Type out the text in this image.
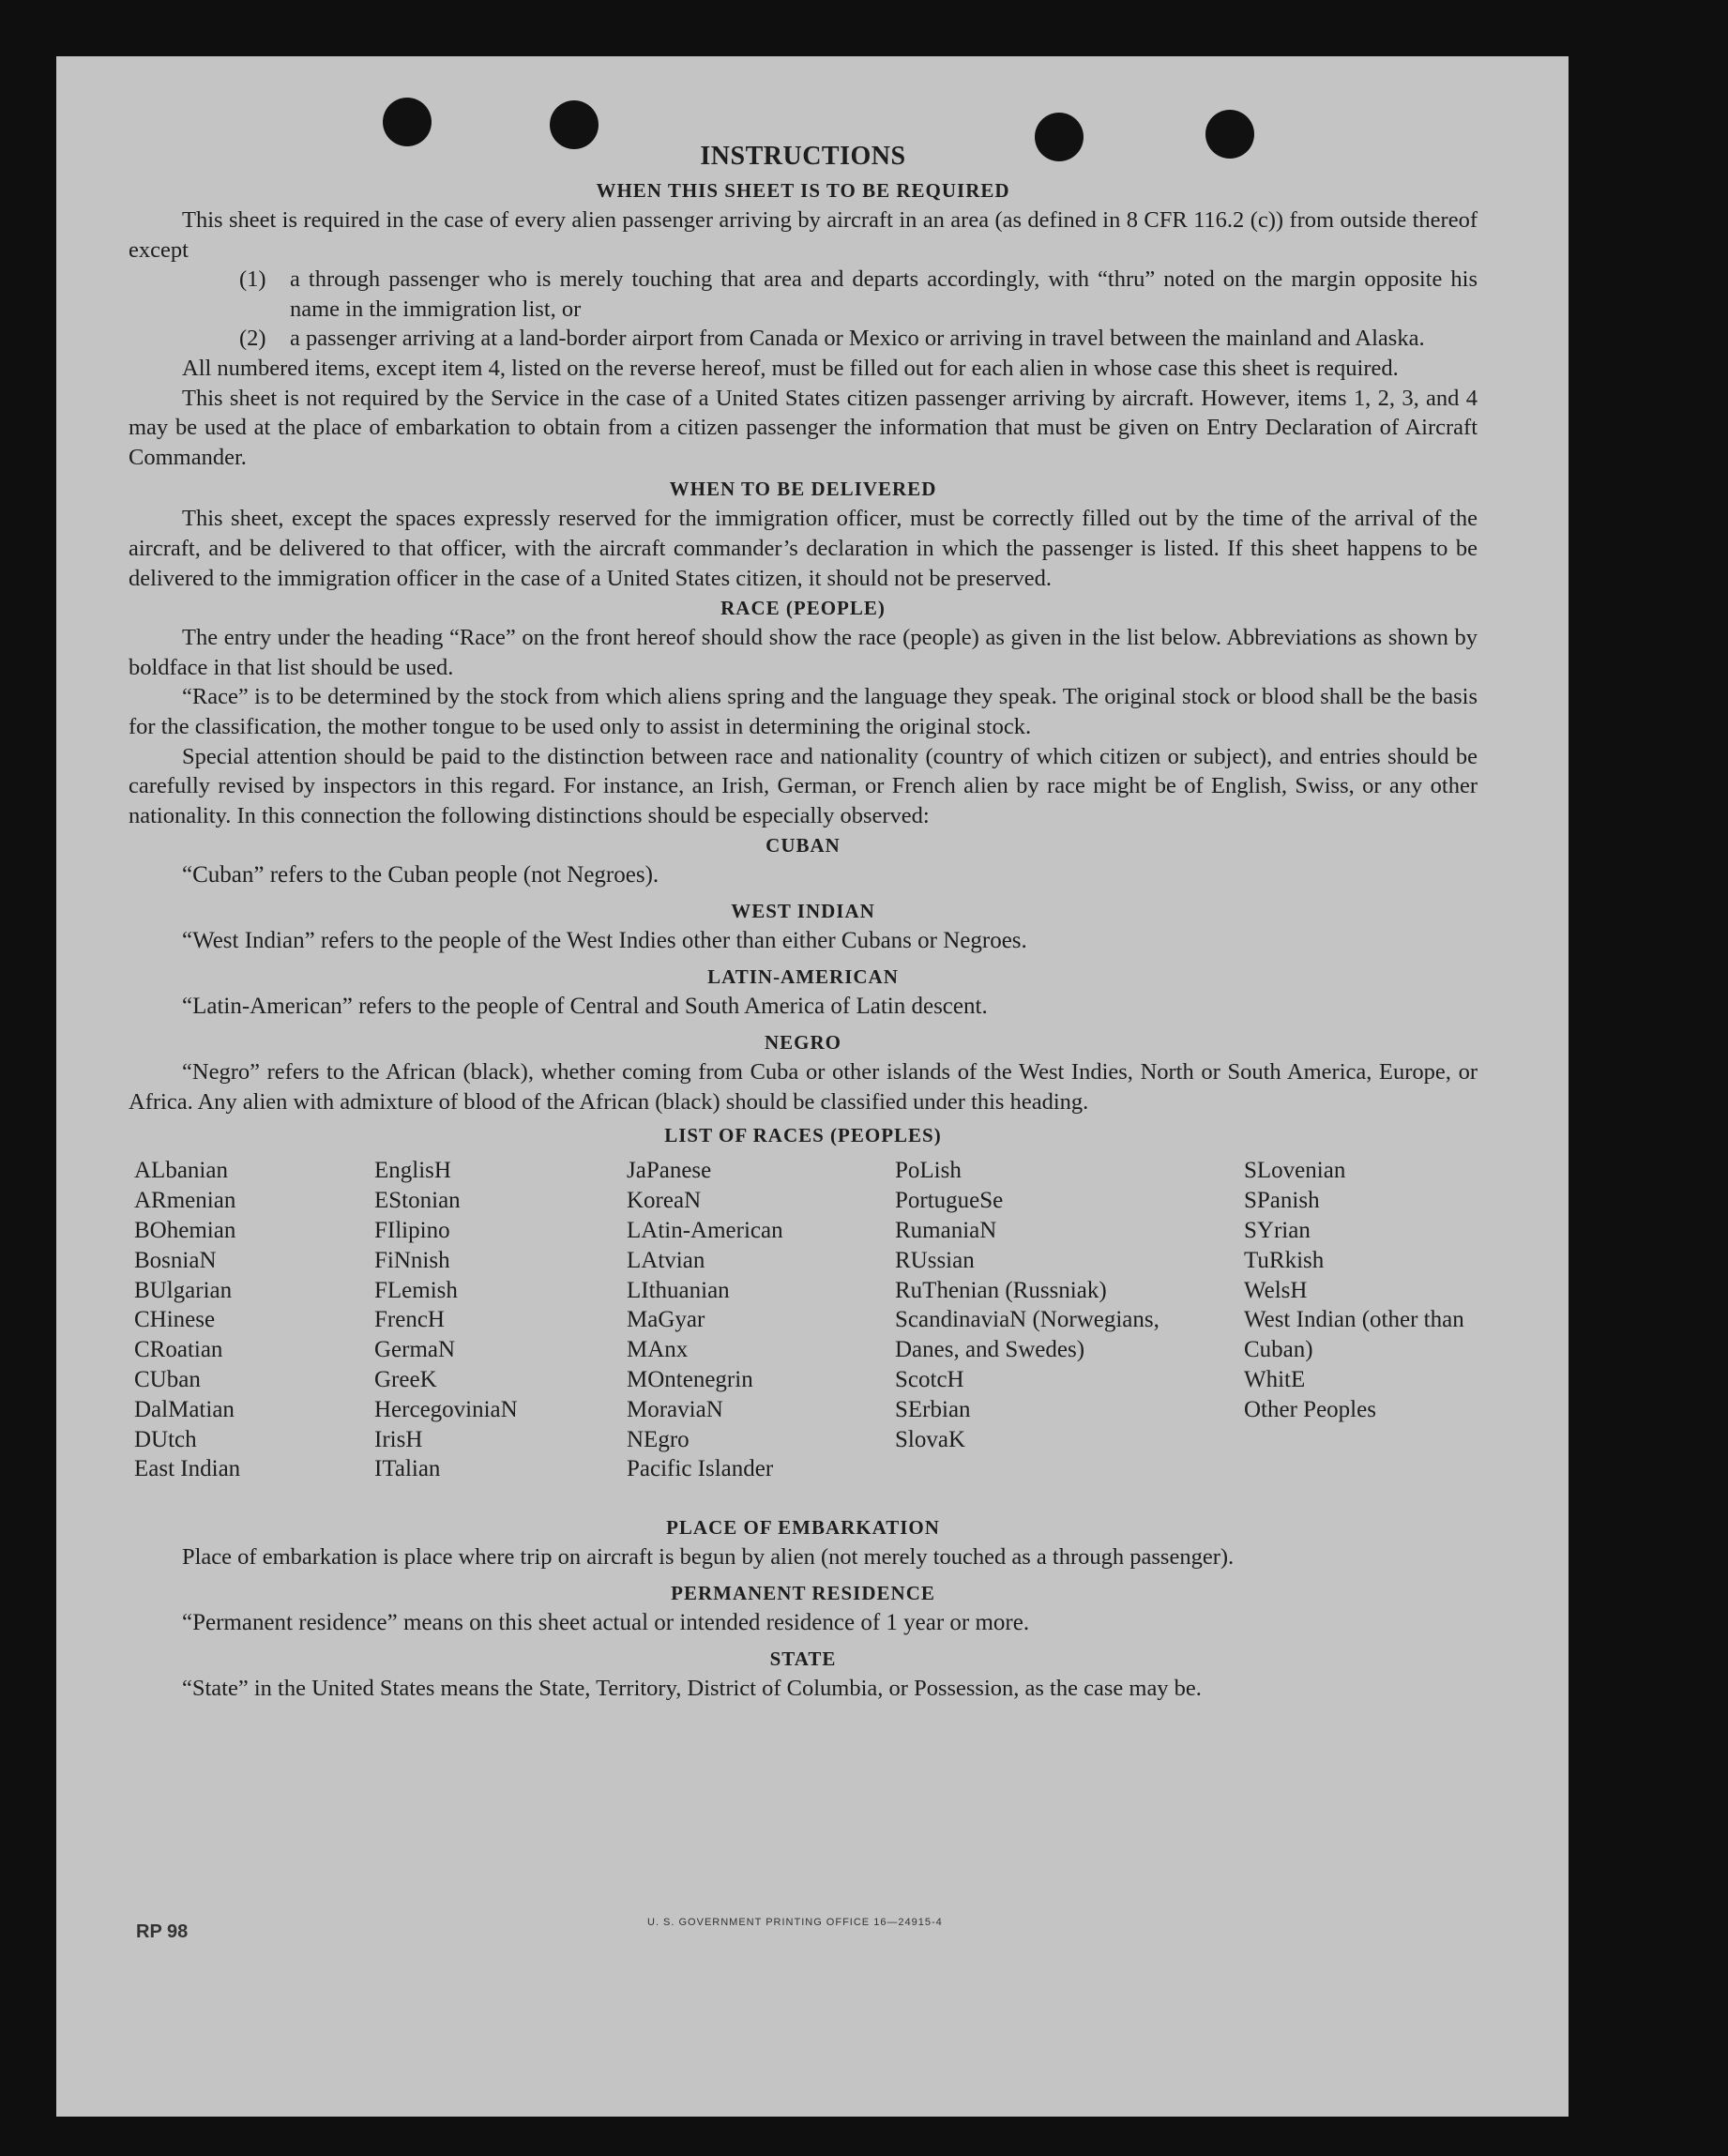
INSTRUCTIONS
WHEN THIS SHEET IS TO BE REQUIRED

This sheet is required in the case of every alien passenger arriving by aircraft in an area (as defined in 8 CFR 116.2 (c)) from outside thereof except

(1) a through passenger who is merely touching that area and departs accordingly, with “thru” noted on the margin opposite his name in the immigration list, or
(2) a passenger arriving at a land-border airport from Canada or Mexico or arriving in travel between the mainland and Alaska.

All numbered items, except item 4, listed on the reverse hereof, must be filled out for each alien in whose case this sheet is required.

This sheet is not required by the Service in the case of a United States citizen passenger arriving by aircraft. However, items 1, 2, 3, and 4 may be used at the place of embarkation to obtain from a citizen passenger the information that must be given on Entry Declaration of Aircraft Commander.

WHEN TO BE DELIVERED

This sheet, except the spaces expressly reserved for the immigration officer, must be correctly filled out by the time of the arrival of the aircraft, and be delivered to that officer, with the aircraft commander’s declaration in which the passenger is listed. If this sheet happens to be delivered to the immigration officer in the case of a United States citizen, it should not be preserved.

RACE (PEOPLE)

The entry under the heading “Race” on the front hereof should show the race (people) as given in the list below. Abbreviations as shown by boldface in that list should be used.

“Race” is to be determined by the stock from which aliens spring and the language they speak. The original stock or blood shall be the basis for the classification, the mother tongue to be used only to assist in determining the original stock.

Special attention should be paid to the distinction between race and nationality (country of which citizen or subject), and entries should be carefully revised by inspectors in this regard. For instance, an Irish, German, or French alien by race might be of English, Swiss, or any other nationality. In this connection the following distinctions should be especially observed:

CUBAN
“Cuban” refers to the Cuban people (not Negroes).
WEST INDIAN
“West Indian” refers to the people of the West Indies other than either Cubans or Negroes.
LATIN-AMERICAN
“Latin-American” refers to the people of Central and South America of Latin descent.
NEGRO

“Negro” refers to the African (black), whether coming from Cuba or other islands of the West Indies, North or South America, Europe, or Africa. Any alien with admixture of blood of the African (black) should be classified under this heading.

LIST OF RACES (PEOPLES)
ALbanian
ARmenian
BOhemian
BosniaN
BUlgarian
CHinese
CRoatian
CUban
DalMatian
DUtch
East Indian
EnglisH
EStonian
FIlipino
FiNnish
FLemish
FrencH
GermaN
GreeK
HercegoviniaN
IrisH
ITalian
JaPanese
KoreaN
LAtin-American
LAtvian
LIthuanian
MaGyar
MAnx
MOntenegrin
MoraviaN
NEgro
Pacific Islander
PoLish
PortugueSe
RumaniaN
RUssian
RuThenian (Russniak)
ScandinaviaN (Norwegians, Danes, and Swedes)
ScotcH
SErbian
SlovaK
SLovenian
SPanish
SYrian
TuRkish
WelsH
West Indian (other than Cuban)
WhitE
Other Peoples
PLACE OF EMBARKATION

Place of embarkation is place where trip on aircraft is begun by alien (not merely touched as a through passenger).

PERMANENT RESIDENCE
“Permanent residence” means on this sheet actual or intended residence of 1 year or more.
STATE

“State” in the United States means the State, Territory, District of Columbia, or Possession, as the case may be.

RP 98	U. S. GOVERNMENT PRINTING OFFICE 16—24915-4
